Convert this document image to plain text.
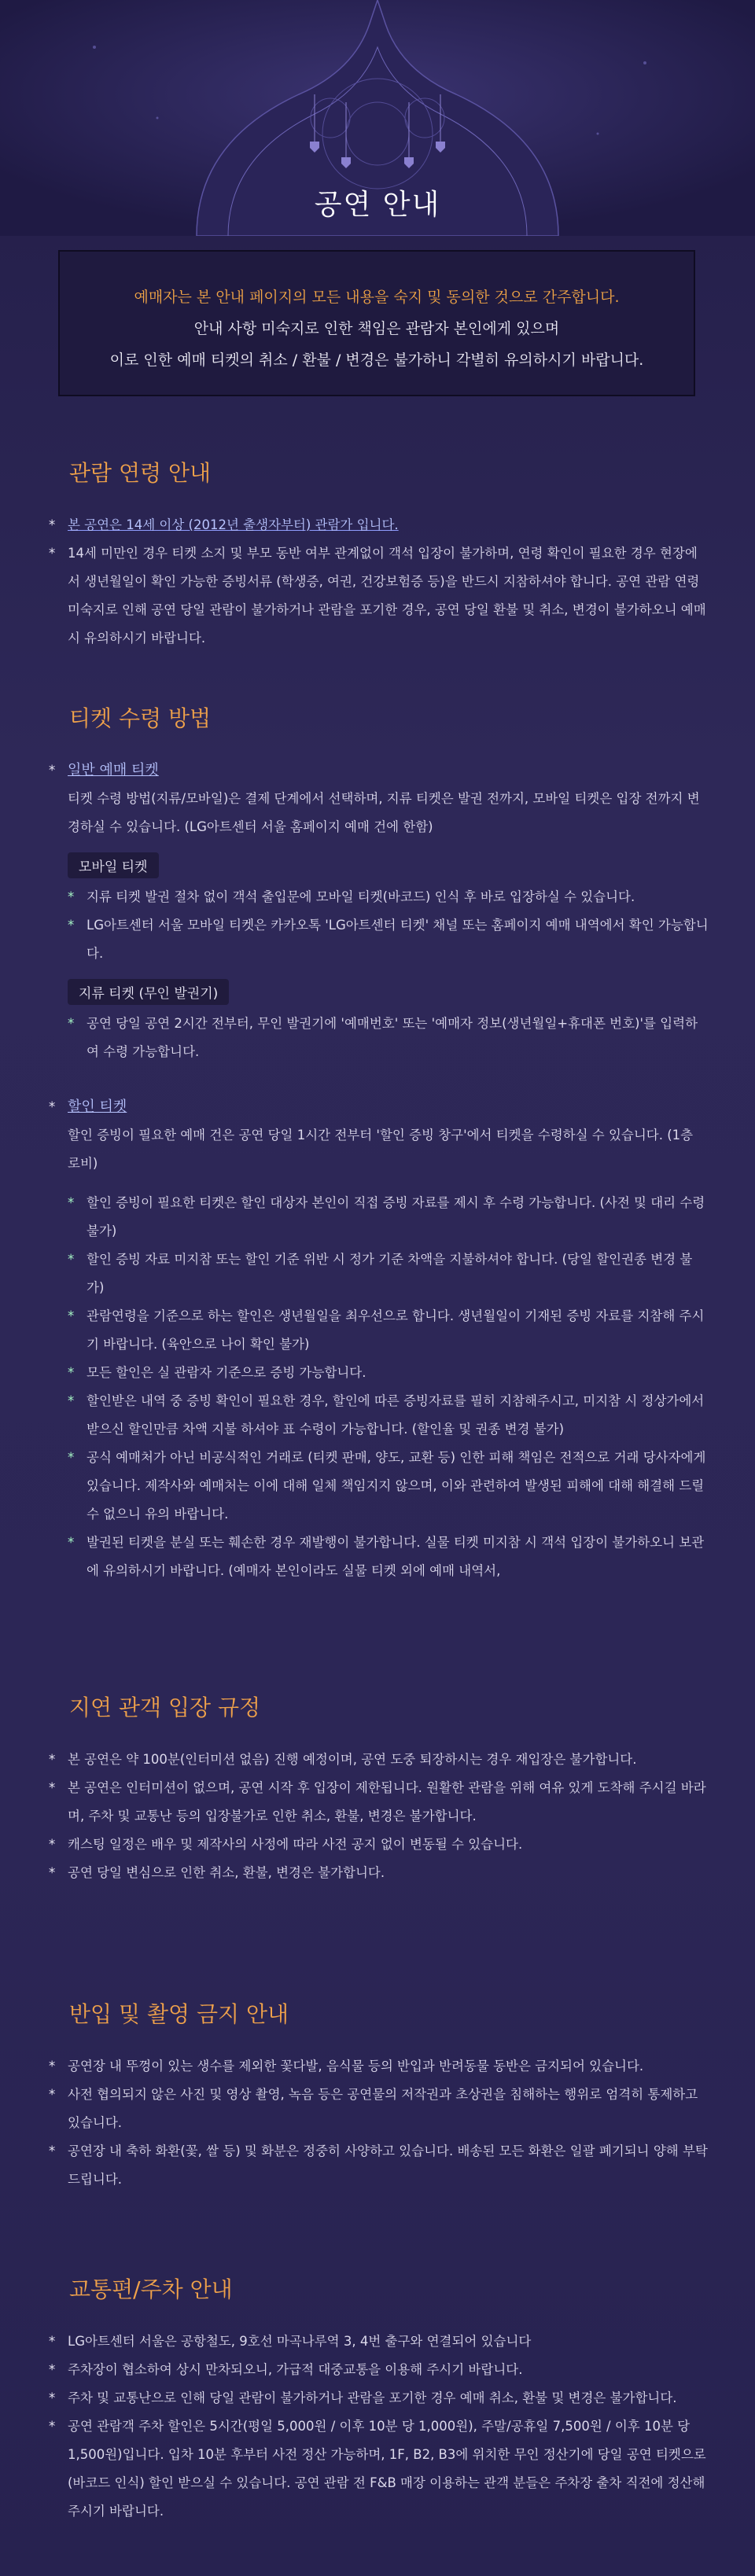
공연 안내
예매자는 본 안내 페이지의 모든 내용을 숙지 및 동의한 것으로 간주합니다.
안내 사항 미숙지로 인한 책임은 관람자 본인에게 있으며
이로 인한 예매 티켓의 취소 / 환불 / 변경은 불가하니 각별히 유의하시기 바랍니다.
관람 연령 안내
* 본 공연은 14세 이상 (2012년 출생자부터) 관람가 입니다.
* 14세 미만인 경우 티켓 소지 및 부모 동반 여부 관계없이 객석 입장이 불가하며, 연령 확인이 필요한 경우 현장에서 생년월일이 확인 가능한 증빙서류 (학생증, 여권, 건강보험증 등)을 반드시 지참하셔야 합니다. 공연 관람 연령 미숙지로 인해 공연 당일 관람이 불가하거나 관람을 포기한 경우, 공연 당일 환불 및 취소, 변경이 불가하오니 예매 시 유의하시기 바랍니다.
티켓 수령 방법
* 일반 예매 티켓
티켓 수령 방법(지류/모바일)은 결제 단계에서 선택하며, 지류 티켓은 발권 전까지, 모바일 티켓은 입장 전까지 변경하실 수 있습니다. (LG아트센터 서울 홈페이지 예매 건에 한함)
모바일 티켓
* 지류 티켓 발권 절차 없이 객석 출입문에 모바일 티켓(바코드) 인식 후 바로 입장하실 수 있습니다.
* LG아트센터 서울 모바일 티켓은 카카오톡 'LG아트센터 티켓' 채널 또는 홈페이지 예매 내역에서 확인 가능합니다.
지류 티켓 (무인 발권기)
* 공연 당일 공연 2시간 전부터, 무인 발권기에 '예매번호' 또는 '예매자 정보(생년월일+휴대폰 번호)'를 입력하여 수령 가능합니다.
* 할인 티켓
할인 증빙이 필요한 예매 건은 공연 당일 1시간 전부터 '할인 증빙 창구'에서 티켓을 수령하실 수 있습니다. (1층 로비)
* 할인 증빙이 필요한 티켓은 할인 대상자 본인이 직접 증빙 자료를 제시 후 수령 가능합니다. (사전 및 대리 수령 불가)
* 할인 증빙 자료 미지참 또는 할인 기준 위반 시 정가 기준 차액을 지불하셔야 합니다. (당일 할인권종 변경 불가)
* 관람연령을 기준으로 하는 할인은 생년월일을 최우선으로 합니다. 생년월일이 기재된 증빙 자료를 지참해 주시기 바랍니다. (육안으로 나이 확인 불가)
* 모든 할인은 실 관람자 기준으로 증빙 가능합니다.
* 할인받은 내역 중 증빙 확인이 필요한 경우, 할인에 따른 증빙자료를 필히 지참해주시고, 미지참 시 정상가에서 받으신 할인만큼 차액 지불 하셔야 표 수령이 가능합니다. (할인율 및 권종 변경 불가)
* 공식 예매처가 아닌 비공식적인 거래로 (티켓 판매, 양도, 교환 등) 인한 피해 책임은 전적으로 거래 당사자에게 있습니다. 제작사와 예매처는 이에 대해 일체 책임지지 않으며, 이와 관련하여 발생된 피해에 대해 해결해 드릴 수 없으니 유의 바랍니다.
* 발권된 티켓을 분실 또는 훼손한 경우 재발행이 불가합니다. 실물 티켓 미지참 시 객석 입장이 불가하오니 보관에 유의하시기 바랍니다. (예매자 본인이라도 실물 티켓 외에 예매 내역서,
지연 관객 입장 규정
* 본 공연은 약 100분(인터미션 없음) 진행 예정이며, 공연 도중 퇴장하시는 경우 재입장은 불가합니다.
* 본 공연은 인터미션이 없으며, 공연 시작 후 입장이 제한됩니다. 원활한 관람을 위해 여유 있게 도착해 주시길 바라며, 주차 및 교통난 등의 입장불가로 인한 취소, 환불, 변경은 불가합니다.
* 캐스팅 일정은 배우 및 제작사의 사정에 따라 사전 공지 없이 변동될 수 있습니다.
* 공연 당일 변심으로 인한 취소, 환불, 변경은 불가합니다.
반입 및 촬영 금지 안내
* 공연장 내 뚜껑이 있는 생수를 제외한 꽃다발, 음식물 등의 반입과 반려동물 동반은 금지되어 있습니다.
* 사전 협의되지 않은 사진 및 영상 촬영, 녹음 등은 공연물의 저작권과 초상권을 침해하는 행위로 엄격히 통제하고 있습니다.
* 공연장 내 축하 화환(꽃, 쌀 등) 및 화분은 정중히 사양하고 있습니다. 배송된 모든 화환은 일괄 폐기되니 양해 부탁드립니다.
교통편/주차 안내
* LG아트센터 서울은 공항철도, 9호선 마곡나루역 3, 4번 출구와 연결되어 있습니다
* 주차장이 협소하여 상시 만차되오니, 가급적 대중교통을 이용해 주시기 바랍니다.
* 주차 및 교통난으로 인해 당일 관람이 불가하거나 관람을 포기한 경우 예매 취소, 환불 및 변경은 불가합니다.
* 공연 관람객 주차 할인은 5시간(평일 5,000원 / 이후 10분 당 1,000원), 주말/공휴일 7,500원 / 이후 10분 당 1,500원)입니다. 입차 10분 후부터 사전 정산 가능하며, 1F, B2, B3에 위치한 무인 정산기에 당일 공연 티켓으로 (바코드 인식) 할인 받으실 수 있습니다. 공연 관람 전 F&B 매장 이용하는 관객 분들은 주차장 출차 직전에 정산해 주시기 바랍니다.
